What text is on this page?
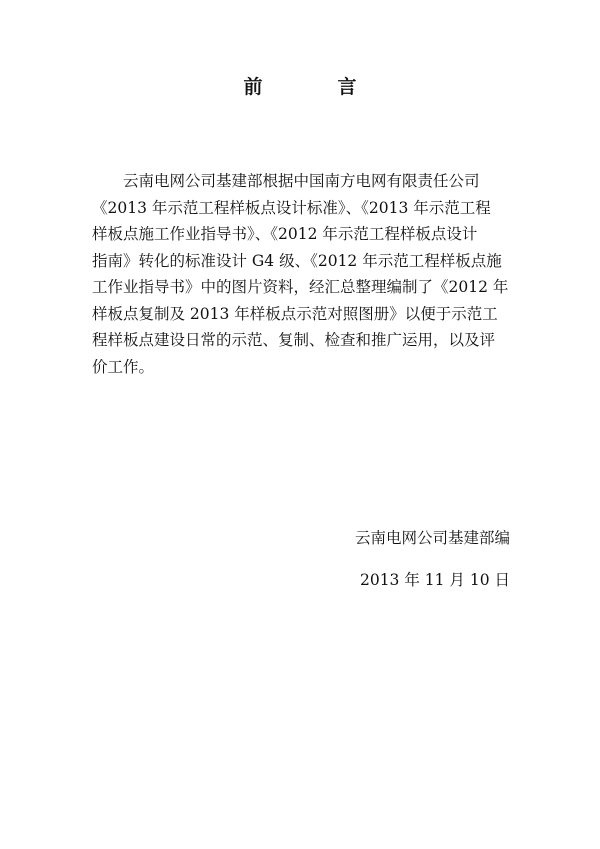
前　言
云南电网公司基建部根据中国南方电网有限责任公司
《2013 年示范工程样板点设计标准》、《2013 年示范工程
样板点施工作业指导书》、《2012 年示范工程样板点设计
指南》转化的标准设计 G4 级、《2012 年示范工程样板点施
工作业指导书》中的图片资料，经汇总整理编制了《2012 年
样板点复制及 2013 年样板点示范对照图册》以便于示范工
程样板点建设日常的示范、复制、检查和推广运用，以及评
价工作。
云南电网公司基建部编
2013 年 11 月 10 日
